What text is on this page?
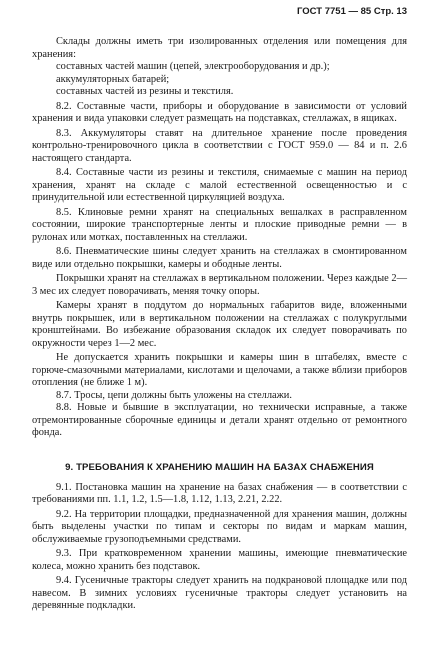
ГОСТ 7751 — 85 Стр. 13

Склады должны иметь три изолированных отделения или помещения для хранения:

составных частей машин (цепей, электрооборудования и др.);

аккумуляторных батарей;

составных частей из резины и текстиля.

8.2. Составные части, приборы и оборудование в зависимости от условий хранения и вида упаковки следует размещать на подставках, стеллажах, в ящиках.

8.3. Аккумуляторы ставят на длительное хранение после проведения контрольно-тренировочного цикла в соответствии с ГОСТ 959.0 — 84 и п. 2.6 настоящего стандарта.

8.4. Составные части из резины и текстиля, снимаемые с машин на период хранения, хранят на складе с малой естественной освещенностью и с принудительной или естественной циркуляцией воздуха.

8.5. Клиновые ремни хранят на специальных вешалках в расправленном состоянии, широкие транспортерные ленты и плоские приводные ремни — в рулонах или мотках, поставленных на стеллажи.

8.6. Пневматические шины следует хранить на стеллажах в смонтированном виде или отдельно покрышки, камеры и ободные ленты.

Покрышки хранят на стеллажах в вертикальном положении. Через каждые 2—3 мес их следует поворачивать, меняя точку опоры.

Камеры хранят в поддутом до нормальных габаритов виде, вложенными внутрь покрышек, или в вертикальном положении на стеллажах с полукруглыми кронштейнами. Во избежание образования складок их следует поворачивать по окружности через 1—2 мес.

Не допускается хранить покрышки и камеры шин в штабелях, вместе с горюче-смазочными материалами, кислотами и щелочами, а также вблизи приборов отопления (не ближе 1 м).

8.7. Тросы, цепи должны быть уложены на стеллажи.

8.8. Новые и бывшие в эксплуатации, но технически исправные, а также отремонтированные сборочные единицы и детали хранят отдельно от ремонтного фонда.

9. ТРЕБОВАНИЯ К ХРАНЕНИЮ МАШИН НА БАЗАХ СНАБЖЕНИЯ

9.1. Постановка машин на хранение на базах снабжения — в соответствии с требованиями пп. 1.1, 1.2, 1.5—1.8, 1.12, 1.13, 2.21, 2.22.

9.2. На территории площадки, предназначенной для хранения машин, должны быть выделены участки по типам и секторы по видам и маркам машин, обслуживаемые грузоподъемными средствами.

9.3. При кратковременном хранении машины, имеющие пневматические колеса, можно хранить без подставок.

9.4. Гусеничные тракторы следует хранить на подкрановой площадке или под навесом. В зимних условиях гусеничные тракторы следует установить на деревянные подкладки.
